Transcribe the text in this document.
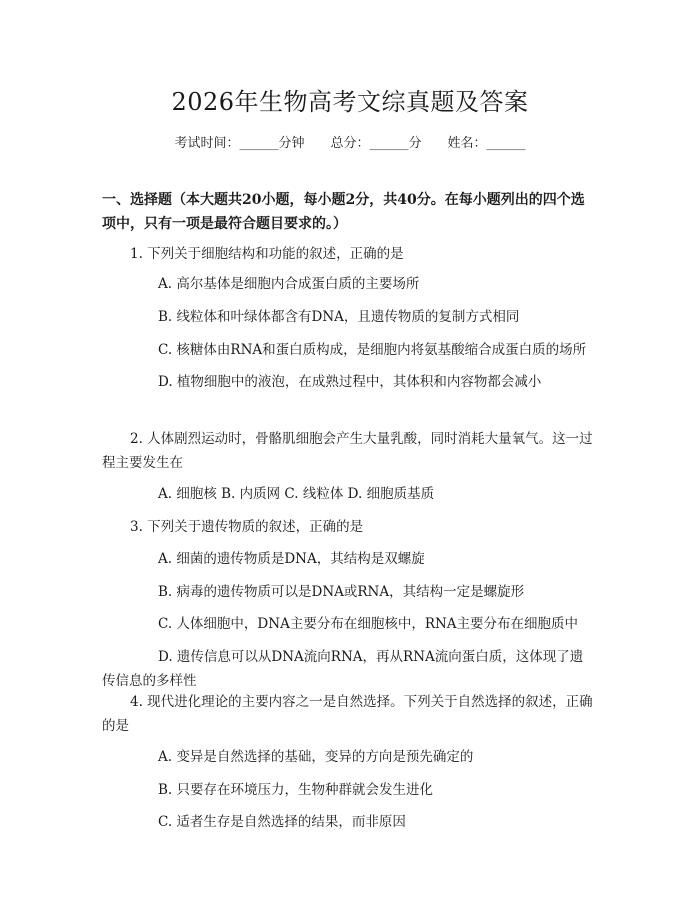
2026年生物高考文综真题及答案
考试时间：______分钟　　总分：______分　　姓名：______
一、选择题（本大题共20小题，每小题2分，共40分。在每小题列出的四个选项中，只有一项是最符合题目要求的。）
1. 下列关于细胞结构和功能的叙述，正确的是
A. 高尔基体是细胞内合成蛋白质的主要场所
B. 线粒体和叶绿体都含有DNA，且遗传物质的复制方式相同
C. 核糖体由RNA和蛋白质构成，是细胞内将氨基酸缩合成蛋白质的场所
D. 植物细胞中的液泡，在成熟过程中，其体积和内容物都会减小
2. 人体剧烈运动时，骨骼肌细胞会产生大量乳酸，同时消耗大量氧气。这一过程主要发生在
A. 细胞核 B. 内质网 C. 线粒体 D. 细胞质基质
3. 下列关于遗传物质的叙述，正确的是
A. 细菌的遗传物质是DNA，其结构是双螺旋
B. 病毒的遗传物质可以是DNA或RNA，其结构一定是螺旋形
C. 人体细胞中，DNA主要分布在细胞核中，RNA主要分布在细胞质中
D. 遗传信息可以从DNA流向RNA，再从RNA流向蛋白质，这体现了遗传信息的多样性
4. 现代进化理论的主要内容之一是自然选择。下列关于自然选择的叙述，正确的是
A. 变异是自然选择的基础，变异的方向是预先确定的
B. 只要存在环境压力，生物种群就会发生进化
C. 适者生存是自然选择的结果，而非原因
